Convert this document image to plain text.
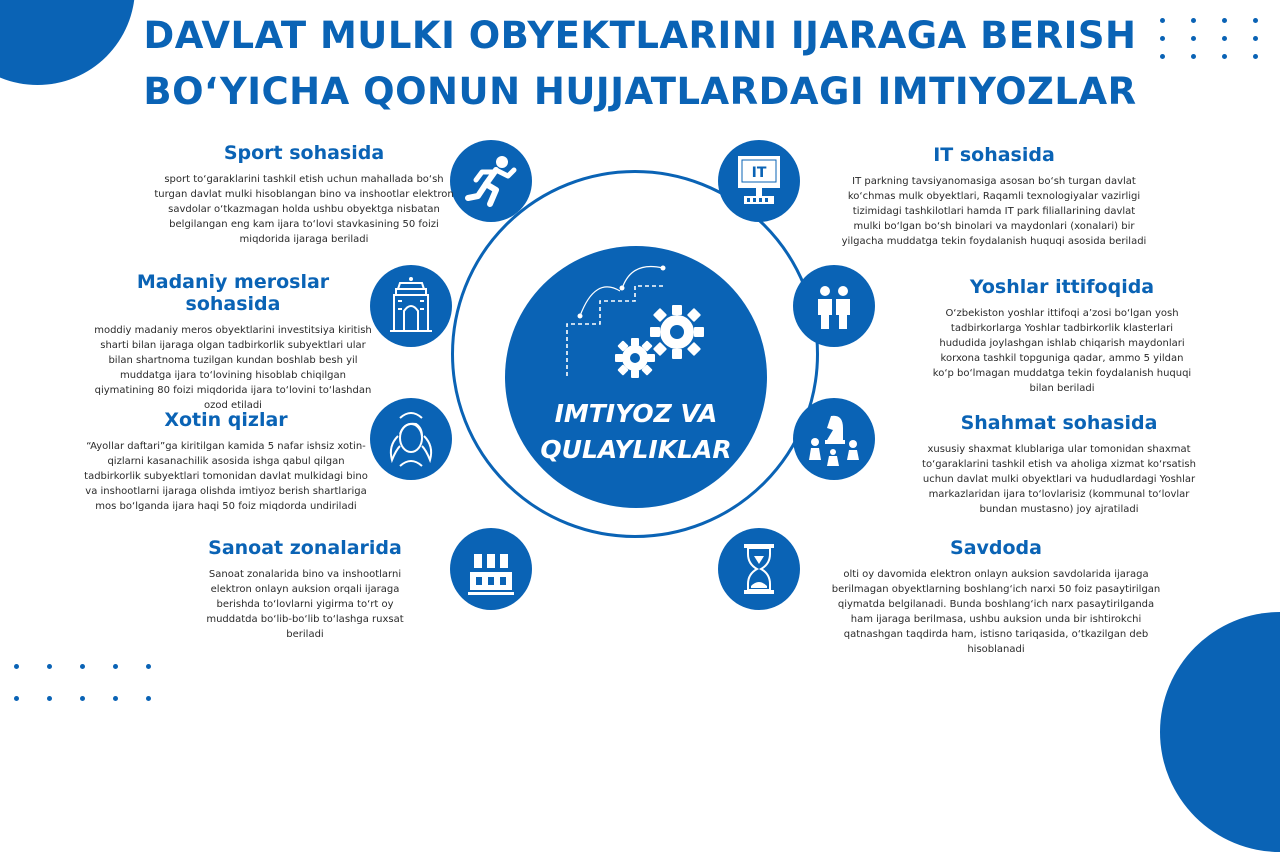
DAVLAT MULKI OBYEKTLARINI IJARAGA BERISH
BO‘YICHA QONUN HUJJATLARDAGI IMTIYOZLAR
IMTIYOZ VA
QULAYLIKLAR
IT
Sport sohasida

sport to‘garaklarini tashkil etish uchun mahallada bo‘sh turgan davlat mulki hisoblangan bino va inshootlar elektron savdolar o‘tkazmagan holda ushbu obyektga nisbatan belgilangan eng kam ijara to‘lovi stavkasining 50 foizi miqdorida ijaraga beriladi

Madaniy meroslar sohasida

moddiy madaniy meros obyektlarini investitsiya kiritish sharti bilan ijaraga olgan tadbirkorlik subyektlari ular bilan shartnoma tuzilgan kundan boshlab besh yil muddatga ijara to‘lovining hisoblab chiqilgan qiymatining 80 foizi miqdorida ijara to‘lovini to‘lashdan ozod etiladi

Xotin qizlar

“Ayollar daftari”ga kiritilgan kamida 5 nafar ishsiz xotin-qizlarni kasanachilik asosida ishga qabul qilgan tadbirkorlik subyektlari tomonidan davlat mulkidagi bino va inshootlarni ijaraga olishda imtiyoz berish shartlariga mos bo‘lganda ijara haqi 50 foiz miqdorda undiriladi

Sanoat zonalarida

Sanoat zonalarida bino va inshootlarni elektron onlayn auksion orqali ijaraga berishda to‘lovlarni yigirma to‘rt oy muddatda bo‘lib-bo‘lib to‘lashga ruxsat beriladi

IT sohasida

IT parkning tavsiyanomasiga asosan bo‘sh turgan davlat ko‘chmas mulk obyektlari, Raqamli texnologiyalar vazirligi tizimidagi tashkilotlari hamda IT park filiallarining davlat mulki bo‘lgan bo‘sh binolari va maydonlari (xonalari) bir yilgacha muddatga tekin foydalanish huquqi asosida beriladi

Yoshlar ittifoqida

O‘zbekiston yoshlar ittifoqi a’zosi bo‘lgan yosh tadbirkorlarga Yoshlar tadbirkorlik klasterlari hududida joylashgan ishlab chiqarish maydonlari korxona tashkil topguniga qadar, ammo 5 yildan ko‘p bo‘lmagan muddatga tekin foydalanish huquqi bilan beriladi

Shahmat sohasida

xususiy shaxmat klublariga ular tomonidan shaxmat to‘garaklarini tashkil etish va aholiga xizmat ko‘rsatish uchun davlat mulki obyektlari va hududlardagi Yoshlar markazlaridan ijara to‘lovlarisiz (kommunal to‘lovlar bundan mustasno) joy ajratiladi

Savdoda

olti oy davomida elektron onlayn auksion savdolarida ijaraga berilmagan obyektlarning boshlang‘ich narxi 50 foiz pasaytirilgan qiymatda belgilanadi. Bunda boshlang‘ich narx pasaytirilganda ham ijaraga berilmasa, ushbu auksion unda bir ishtirokchi qatnashgan taqdirda ham, istisno tariqasida, o‘tkazilgan deb hisoblanadi
